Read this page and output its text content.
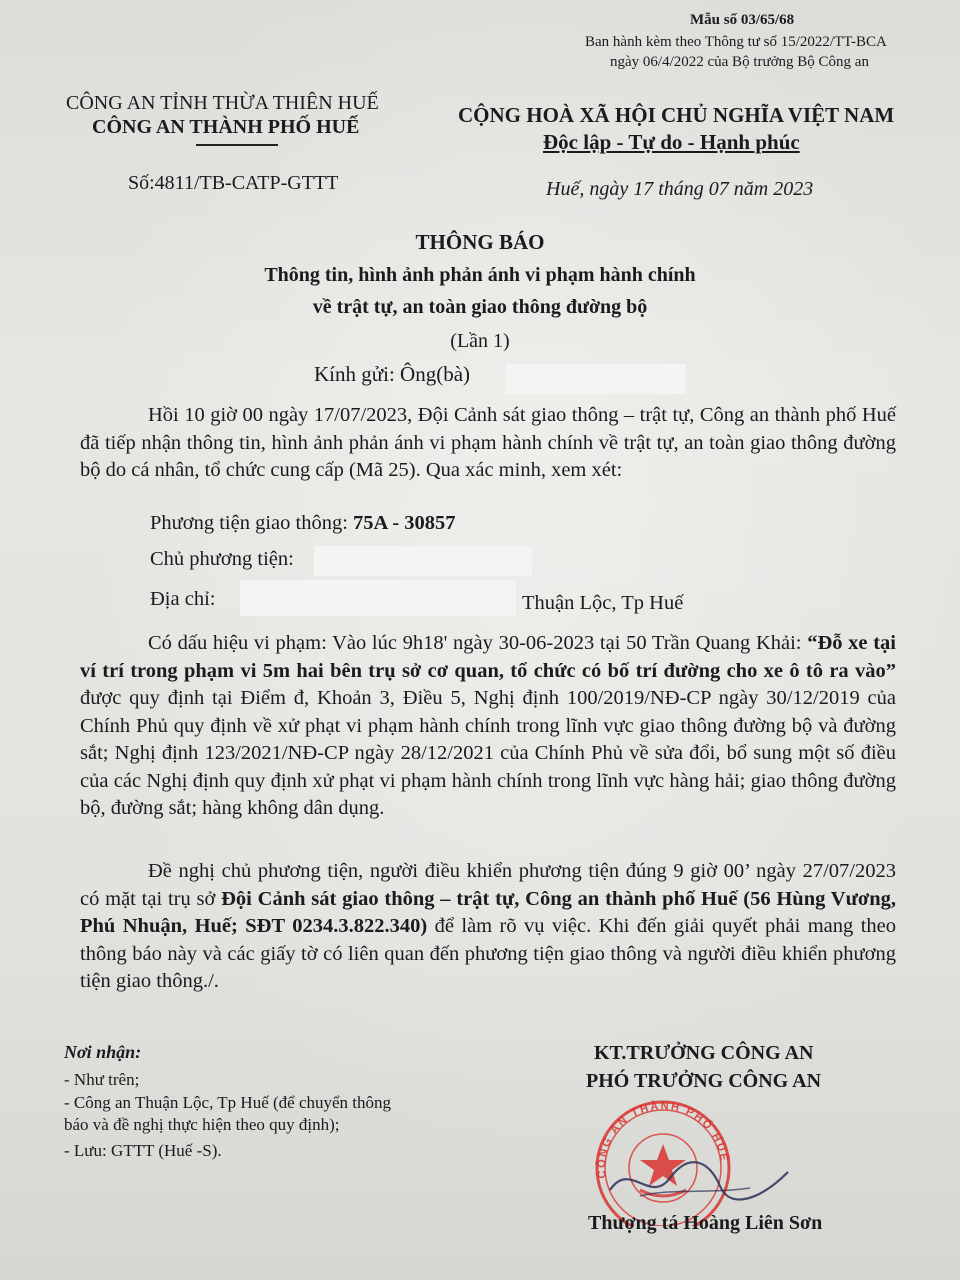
Mẫu số 03/65/68
Ban hành kèm theo Thông tư số 15/2022/TT-BCA
ngày 06/4/2022 của Bộ trưởng Bộ Công an
CÔNG AN TỈNH THỪA THIÊN HUẾ
CÔNG AN THÀNH PHỐ HUẾ	CỘNG HOÀ XÃ HỘI CHỦ NGHĨA VIỆT NAM
Độc lập - Tự do - Hạnh phúc
Số:4811/TB-CATP-GTTT	Huế, ngày 17 tháng 07 năm 2023
THÔNG BÁO
Thông tin, hình ảnh phản ánh vi phạm hành chính
về trật tự, an toàn giao thông đường bộ
(Lần 1)
Kính gửi: Ông(bà)
Hồi 10 giờ 00 ngày 17/07/2023, Đội Cảnh sát giao thông – trật tự, Công an thành phố Huế đã tiếp nhận thông tin, hình ảnh phản ánh vi phạm hành chính về trật tự, an toàn giao thông đường bộ do cá nhân, tổ chức cung cấp (Mã 25). Qua xác minh, xem xét:
Phương tiện giao thông: 75A - 30857
Chủ phương tiện:
Địa chỉ:	Thuận Lộc, Tp Huế
Có dấu hiệu vi phạm: Vào lúc 9h18' ngày 30-06-2023 tại 50 Trần Quang Khải: “Đỗ xe tại ví trí trong phạm vi 5m hai bên trụ sở cơ quan, tổ chức có bố trí đường cho xe ô tô ra vào” được quy định tại Điểm đ, Khoản 3, Điều 5, Nghị định 100/2019/NĐ-CP ngày 30/12/2019 của Chính Phủ quy định về xử phạt vi phạm hành chính trong lĩnh vực giao thông đường bộ và đường sắt; Nghị định 123/2021/NĐ-CP ngày 28/12/2021 của Chính Phủ về sửa đổi, bổ sung một số điều của các Nghị định quy định xử phạt vi phạm hành chính trong lĩnh vực hàng hải; giao thông đường bộ, đường sắt; hàng không dân dụng.
Đề nghị chủ phương tiện, người điều khiển phương tiện đúng 9 giờ 00’ ngày 27/07/2023 có mặt tại trụ sở Đội Cảnh sát giao thông – trật tự, Công an thành phố Huế (56 Hùng Vương, Phú Nhuận, Huế; SĐT 0234.3.822.340) để làm rõ vụ việc. Khi đến giải quyết phải mang theo thông báo này và các giấy tờ có liên quan đến phương tiện giao thông và người điều khiển phương tiện giao thông./.
Nơi nhận:
- Như trên;
- Công an Thuận Lộc, Tp Huế (để chuyển thông
báo và đề nghị thực hiện theo quy định);
- Lưu: GTTT (Huế -S).
KT.TRƯỞNG CÔNG AN
CÔNG AN THÀNH PHỐ HUẾ
PHÓ TRƯỞNG CÔNG AN
Thượng tá Hoàng Liên Sơn
